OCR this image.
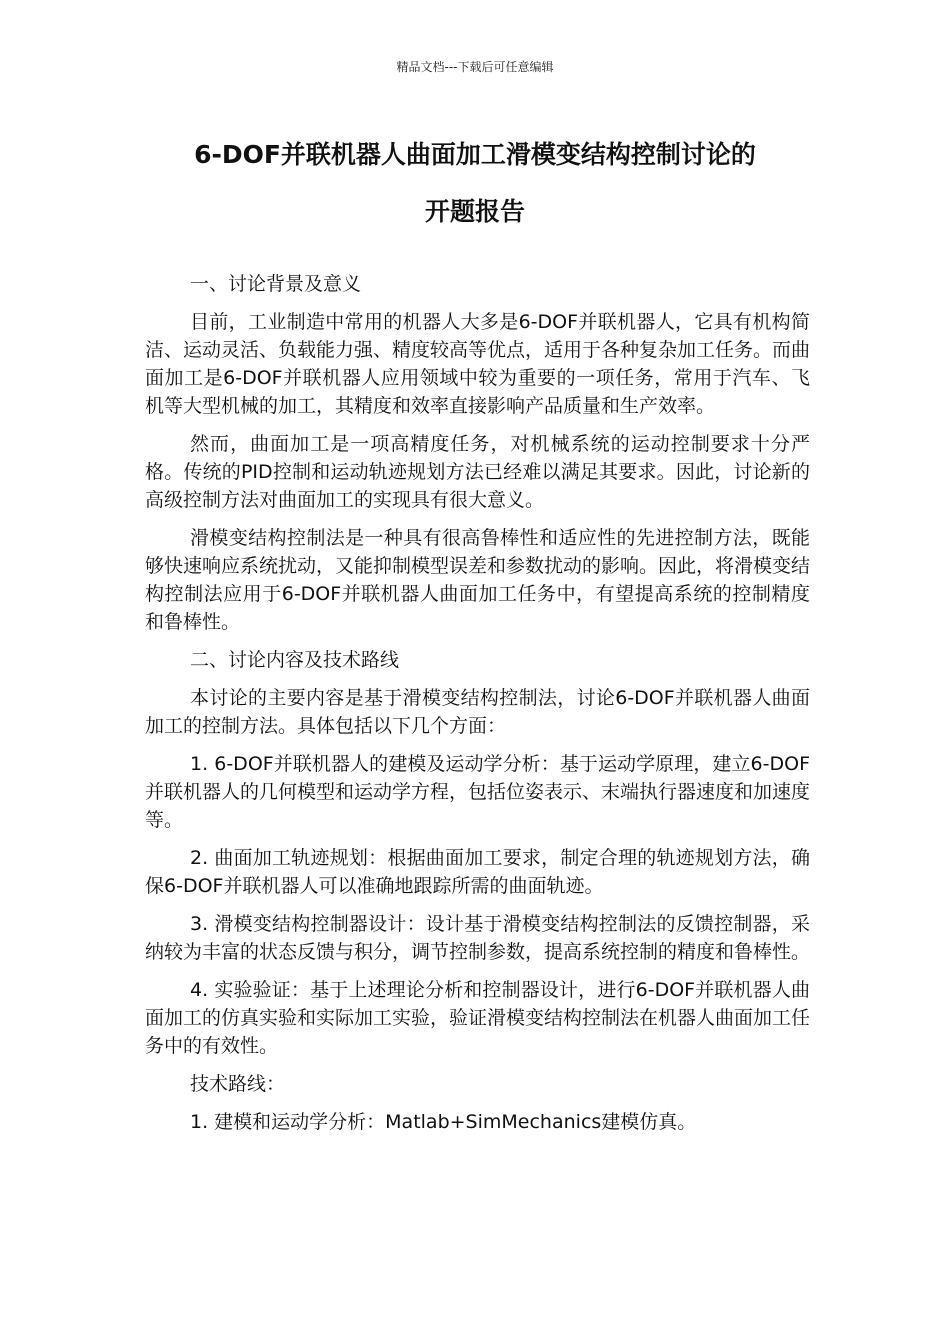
精品文档---下载后可任意编辑
6-DOF并联机器人曲面加工滑模变结构控制讨论的
开题报告

一、讨论背景及意义

目前，工业制造中常用的机器人大多是6-DOF并联机器人，它具有机构简洁、运动灵活、负载能力强、精度较高等优点，适用于各种复杂加工任务。而曲面加工是6-DOF并联机器人应用领域中较为重要的一项任务，常用于汽车、飞机等大型机械的加工，其精度和效率直接影响产品质量和生产效率。

然而，曲面加工是一项高精度任务，对机械系统的运动控制要求十分严格。传统的PID控制和运动轨迹规划方法已经难以满足其要求。因此，讨论新的高级控制方法对曲面加工的实现具有很大意义。

滑模变结构控制法是一种具有很高鲁棒性和适应性的先进控制方法，既能够快速响应系统扰动，又能抑制模型误差和参数扰动的影响。因此，将滑模变结构控制法应用于6-DOF并联机器人曲面加工任务中，有望提高系统的控制精度和鲁棒性。

二、讨论内容及技术路线

本讨论的主要内容是基于滑模变结构控制法，讨论6-DOF并联机器人曲面加工的控制方法。具体包括以下几个方面：

1. 6-DOF并联机器人的建模及运动学分析：基于运动学原理，建立6-DOF并联机器人的几何模型和运动学方程，包括位姿表示、末端执行器速度和加速度等。

2. 曲面加工轨迹规划：根据曲面加工要求，制定合理的轨迹规划方法，确保6-DOF并联机器人可以准确地跟踪所需的曲面轨迹。

3. 滑模变结构控制器设计：设计基于滑模变结构控制法的反馈控制器，采纳较为丰富的状态反馈与积分，调节控制参数，提高系统控制的精度和鲁棒性。

4. 实验验证：基于上述理论分析和控制器设计，进行6-DOF并联机器人曲面加工的仿真实验和实际加工实验，验证滑模变结构控制法在机器人曲面加工任务中的有效性。

技术路线：

1. 建模和运动学分析：Matlab+SimMechanics建模仿真。
